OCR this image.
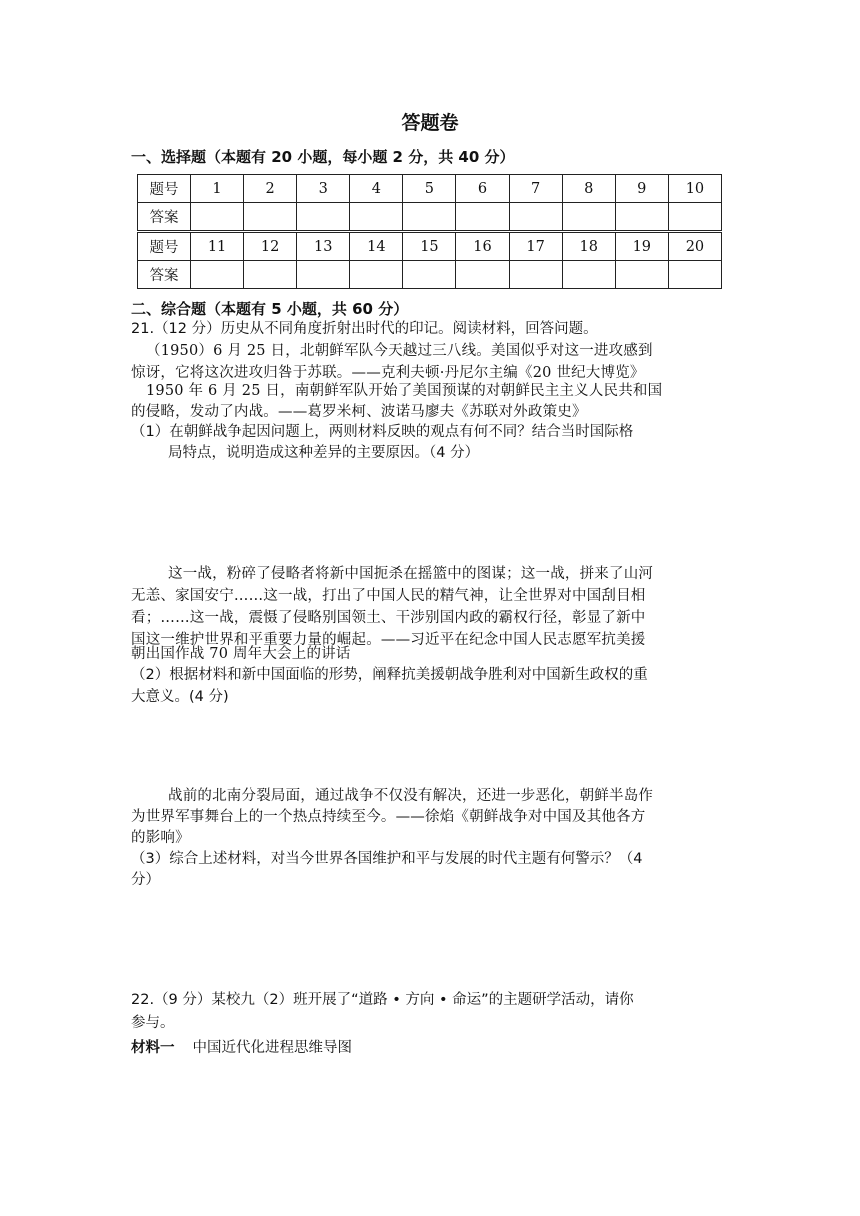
答题卷
一、选择题（本题有 20 小题，每小题 2 分，共 40 分）
题号	1	2	3	4	5	6	7	8	9	10
答案										
题号	11	12	13	14	15	16	17	18	19	20
答案										
二、综合题（本题有 5 小题，共 60 分）
21.（12 分）历史从不同角度折射出时代的印记。阅读材料，回答问题。
（1950）6 月 25 日，北朝鲜军队今天越过三八线。美国似乎对这一进攻感到
惊讶，它将这次进攻归咎于苏联。——克利夫顿·丹尼尔主编《20 世纪大博览》
1950 年 6 月 25 日，南朝鲜军队开始了美国预谋的对朝鲜民主主义人民共和国
的侵略，发动了内战。——葛罗米柯、波诺马廖夫《苏联对外政策史》
（1）在朝鲜战争起因问题上，两则材料反映的观点有何不同？结合当时国际格
局特点，说明造成这种差异的主要原因。（4 分）
这一战，粉碎了侵略者将新中国扼杀在摇篮中的图谋；这一战，拼来了山河
无恙、家国安宁……这一战，打出了中国人民的精气神，让全世界对中国刮目相
看；……这一战，震慑了侵略别国领土、干涉别国内政的霸权行径，彰显了新中
国这一维护世界和平重要力量的崛起。——习近平在纪念中国人民志愿军抗美援
朝出国作战 70 周年大会上的讲话
（2）根据材料和新中国面临的形势，阐释抗美援朝战争胜利对中国新生政权的重
大意义。(4 分)
战前的北南分裂局面，通过战争不仅没有解决，还进一步恶化，朝鲜半岛作
为世界军事舞台上的一个热点持续至今。——徐焰《朝鲜战争对中国及其他各方
的影响》
（3）综合上述材料，对当今世界各国维护和平与发展的时代主题有何警示？（4
分）
22.（9 分）某校九（2）班开展了“道路 • 方向 • 命运”的主题研学活动，请你
参与。
材料一 中国近代化进程思维导图
